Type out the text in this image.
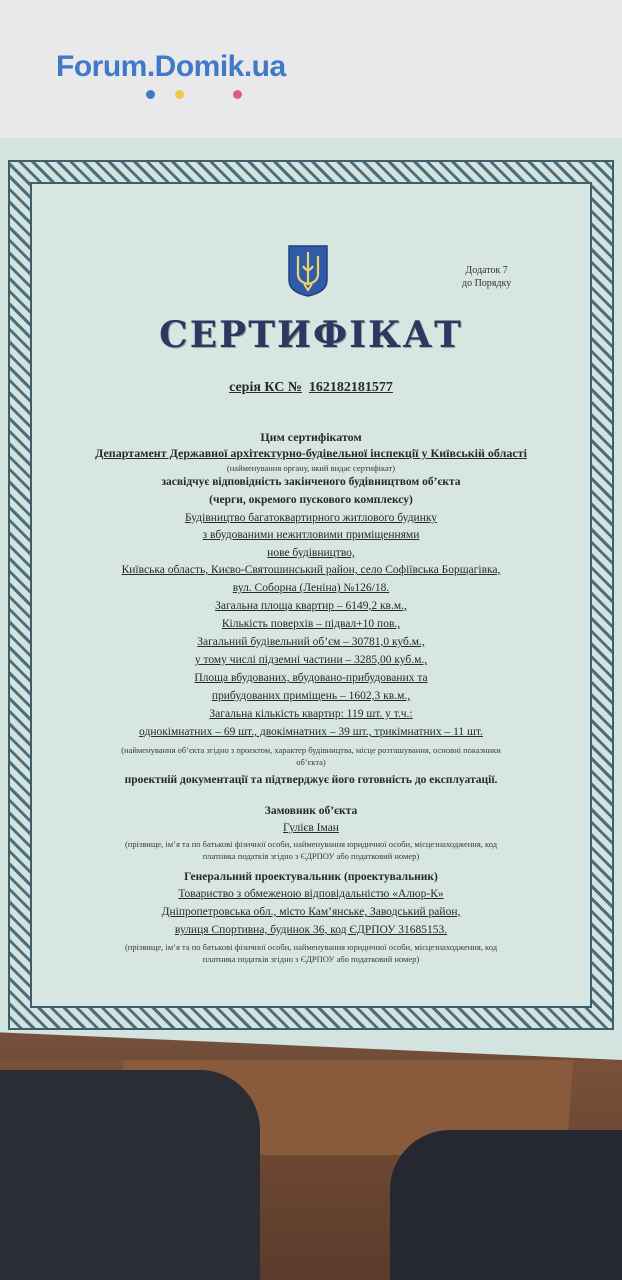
Forum.Domik.ua
Додаток 7
до Порядку
СЕРТИФІКАТ
серія КС № 162182181577
Цим сертифікатом
Департамент Державної архітектурно-будівельної інспекції у Київській області
(найменування органу, який видає сертифікат)
засвідчує відповідність закінченого будівництвом об’єкта
(черги, окремого пускового комплексу)
Будівництво багатоквартирного житлового будинку
з вбудованими нежитловими приміщеннями
нове будівництво,
Київська область, Києво-Святошинський район, село Софіївська Борщагівка,
вул. Соборна (Леніна) №126/18.
Загальна площа квартир – 6149,2 кв.м.,
Кількість поверхів – підвал+10 пов.,
Загальний будівельний об’єм – 30781,0 куб.м.,
у тому числі підземні частини – 3285,00 куб.м.,
Площа вбудованих, вбудовано-прибудованих та
прибудованих приміщень – 1602,3 кв.м.,
Загальна кількість квартир: 119 шт. у т.ч.:
однокімнатних – 69 шт., двокімнатних – 39 шт., трикімнатних – 11 шт.
(найменування об’єкта згідно з проєктом, характер будівництва, місце розташування, основні показники
об’єкта)
проектній документації та підтверджує його готовність до експлуатації.
Замовник об’єкта
Гулієв Іман
(прізвище, ім’я та по батькові фізичної особи, найменування юридичної особи, місцезнаходження, код
платника податків згідно з ЄДРПОУ або податковий номер)
Генеральний проектувальник (проектувальник)
Товариство з обмеженою відповідальністю «Алюр-К»
Дніпропетровська обл., місто Кам’янське, Заводський район,
вулиця Спортивна, будинок 36, код ЄДРПОУ 31685153.
(прізвище, ім’я та по батькові фізичної особи, найменування юридичної особи, місцезнаходження, код
платника податків згідно з ЄДРПОУ або податковий номер)
